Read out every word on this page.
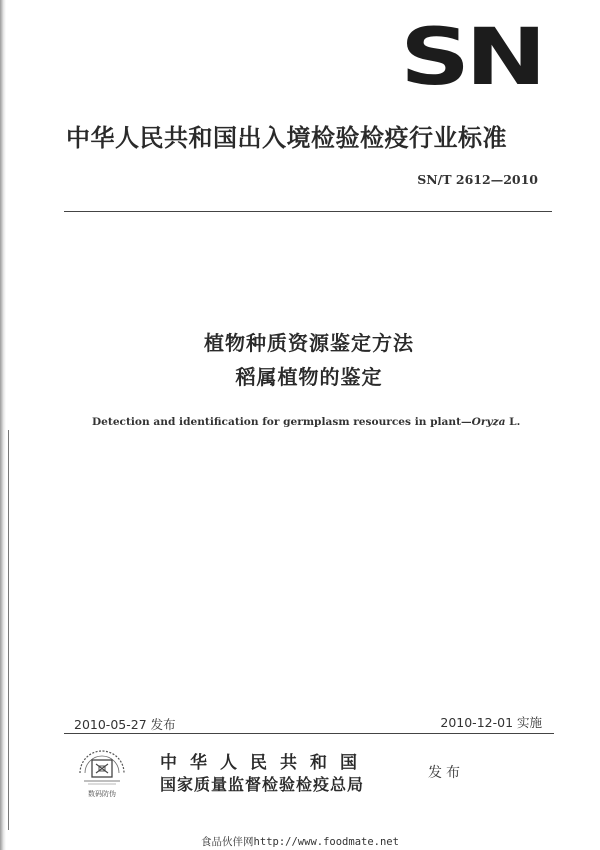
SN
中华人民共和国出入境检验检疫行业标准
SN/T 2612—2010
植物种质资源鉴定方法
稻属植物的鉴定
Detection and identification for germplasm resources in plant—Oryza L.
2010-05-27 发布	2010-12-01 实施
数码防伪
中华人民共和国
国家质量监督检验检疫总局
发布
食品伙伴网http://www.foodmate.net
